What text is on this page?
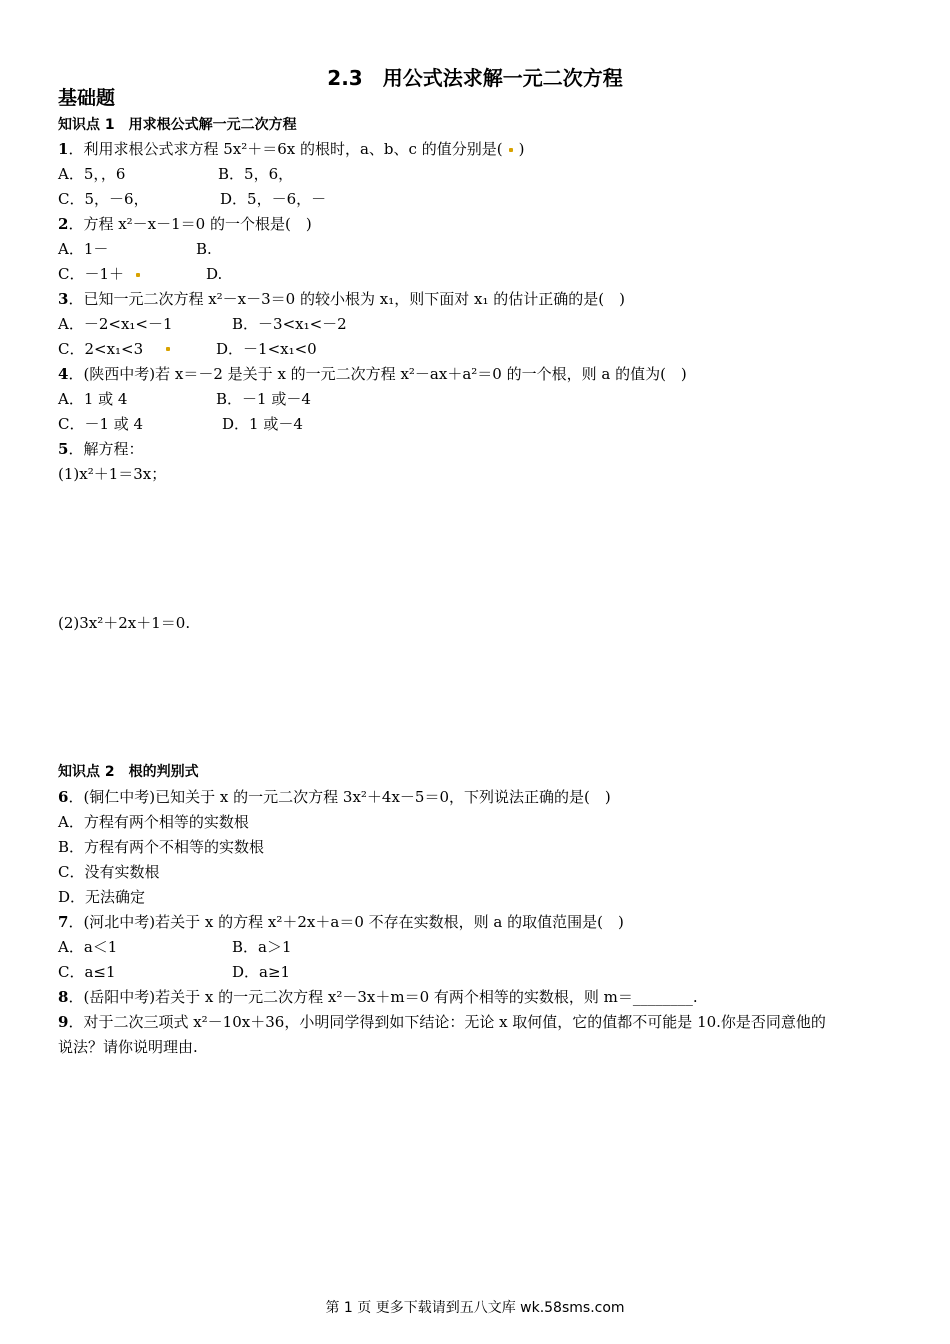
2.3　用公式法求解一元二次方程
基础题
知识点 1　用求根公式解一元二次方程
1．利用求根公式求方程 5x²＋＝6x 的根时，a、b、c 的值分别是( )
A．5，，6	B．5，6，
C．5，－6，	D．5，－6，－
2．方程 x²－x－1＝0 的一个根是(　)
A．1－	B.
C．－1＋	D.
3．已知一元二次方程 x²－x－3＝0 的较小根为 x₁，则下面对 x₁ 的估计正确的是(　)
A．－2<x₁<－1	B．－3<x₁<－2
C．2<x₁<3	D．－1<x₁<0
4．(陕西中考)若 x＝－2 是关于 x 的一元二次方程 x²－ax＋a²＝0 的一个根，则 a 的值为(　)
A．1 或 4	B．－1 或－4
C．－1 或 4	D．1 或－4
5．解方程：
(1)x²＋1＝3x；
(2)3x²＋2x＋1＝0.
知识点 2　根的判别式
6．(铜仁中考)已知关于 x 的一元二次方程 3x²＋4x－5＝0，下列说法正确的是(　)
A．方程有两个相等的实数根
B．方程有两个不相等的实数根
C．没有实数根
D．无法确定
7．(河北中考)若关于 x 的方程 x²＋2x＋a＝0 不存在实数根，则 a 的取值范围是(　)
A．a＜1	B．a＞1
C．a≤1	D．a≥1
8．(岳阳中考)若关于 x 的一元二次方程 x²－3x＋m＝0 有两个相等的实数根，则 m＝________.
9．对于二次三项式 x²－10x＋36，小明同学得到如下结论：无论 x 取何值，它的值都不可能是 10.你是否同意他的
说法？请你说明理由.
第 1 页 更多下载请到五八文库 wk.58sms.com
